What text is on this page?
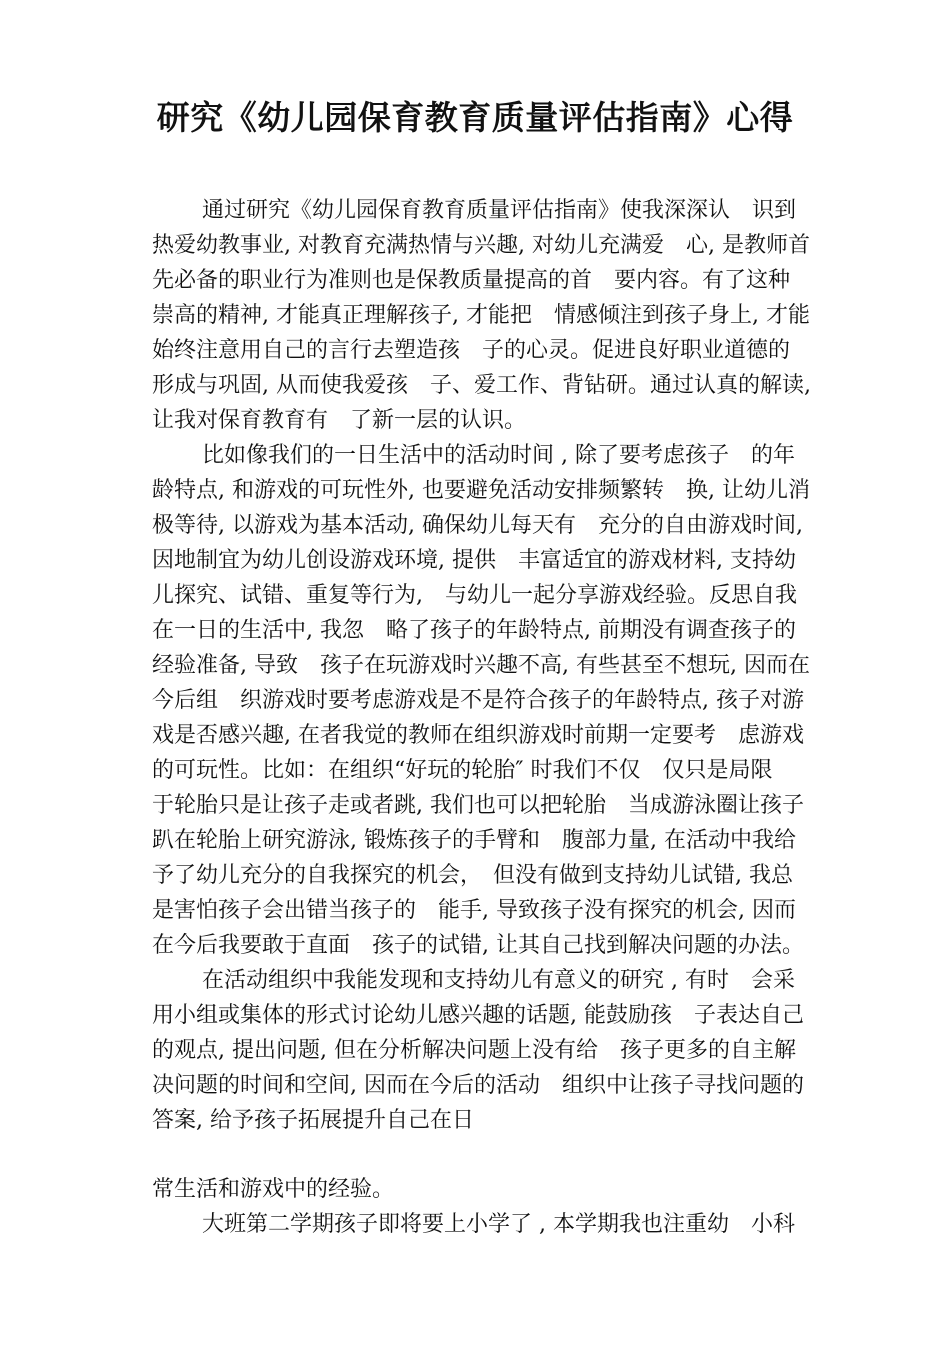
研究《幼儿园保育教育质量评估指南》心得
通过研究《幼儿园保育教育质量评估指南》使我深深认　识到
热爱幼教事业, 对教育充满热情与兴趣, 对幼儿充满爱　心, 是教师首
先必备的职业行为准则也是保教质量提高的首　要内容。有了这种
崇高的精神, 才能真正理解孩子, 才能把　情感倾注到孩子身上, 才能
始终注意用自己的言行去塑造孩　子的心灵。促进良好职业道德的
形成与巩固, 从而使我爱孩　子、爱工作、背钻研。通过认真的解读,
让我对保育教育有　了新一层的认识。
比如像我们的一日生活中的活动时间 , 除了要考虑孩子　的年
龄特点, 和游戏的可玩性外, 也要避免活动安排频繁转　换, 让幼儿消
极等待, 以游戏为基本活动, 确保幼儿每天有　充分的自由游戏时间,
因地制宜为幼儿创设游戏环境, 提供　丰富适宜的游戏材料, 支持幼
儿探究、试错、重复等行为,　与幼儿一起分享游戏经验。反思自我
在一日的生活中, 我忽　略了孩子的年龄特点, 前期没有调查孩子的
经验准备, 导致　孩子在玩游戏时兴趣不高, 有些甚至不想玩, 因而在
今后组　织游戏时要考虑游戏是不是符合孩子的年龄特点, 孩子对游
戏是否感兴趣, 在者我觉的教师在组织游戏时前期一定要考　虑游戏
的可玩性。比如：在组织“好玩的轮胎″ 时我们不仅　仅只是局限
于轮胎只是让孩子走或者跳, 我们也可以把轮胎　当成游泳圈让孩子
趴在轮胎上研究游泳, 锻炼孩子的手臂和　腹部力量, 在活动中我给
予了幼儿充分的自我探究的机会，　但没有做到支持幼儿试错, 我总
是害怕孩子会出错当孩子的　能手, 导致孩子没有探究的机会, 因而
在今后我要敢于直面　孩子的试错, 让其自己找到解决问题的办法。
在活动组织中我能发现和支持幼儿有意义的研究 , 有时　会采
用小组或集体的形式讨论幼儿感兴趣的话题, 能鼓励孩　子表达自己
的观点, 提出问题, 但在分析解决问题上没有给　孩子更多的自主解
决问题的时间和空间, 因而在今后的活动　组织中让孩子寻找问题的
答案, 给予孩子拓展提升自己在日
常生活和游戏中的经验。
大班第二学期孩子即将要上小学了 , 本学期我也注重幼　小科
